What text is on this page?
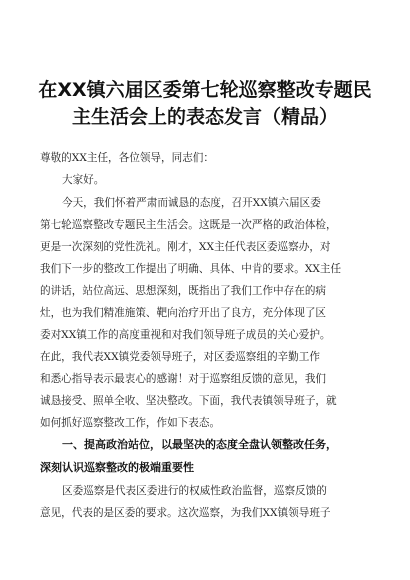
在XX镇六届区委第七轮巡察整改专题民
主生活会上的表态发言（精品）
尊敬的XX主任，各位领导，同志们：
大家好。
今天，我们怀着严肃而诚恳的态度，召开XX镇六届区委
第七轮巡察整改专题民主生活会。这既是一次严格的政治体检，
更是一次深刻的党性洗礼。刚才，XX主任代表区委巡察办，对
我们下一步的整改工作提出了明确、具体、中肯的要求。XX主任
的讲话，站位高远、思想深刻，既指出了我们工作中存在的病
灶，也为我们精准施策、靶向治疗开出了良方，充分体现了区
委对XX镇工作的高度重视和对我们领导班子成员的关心爱护。
在此，我代表XX镇党委领导班子，对区委巡察组的辛勤工作
和悉心指导表示最衷心的感谢！对于巡察组反馈的意见，我们
诚恳接受、照单全收、坚决整改。下面，我代表镇领导班子，就
如何抓好巡察整改工作，作如下表态。
一、提高政治站位，以最坚决的态度全盘认领整改任务，
深刻认识巡察整改的极端重要性
区委巡察是代表区委进行的权威性政治监督，巡察反馈的
意见，代表的是区委的要求。这次巡察，为我们XX镇领导班子
